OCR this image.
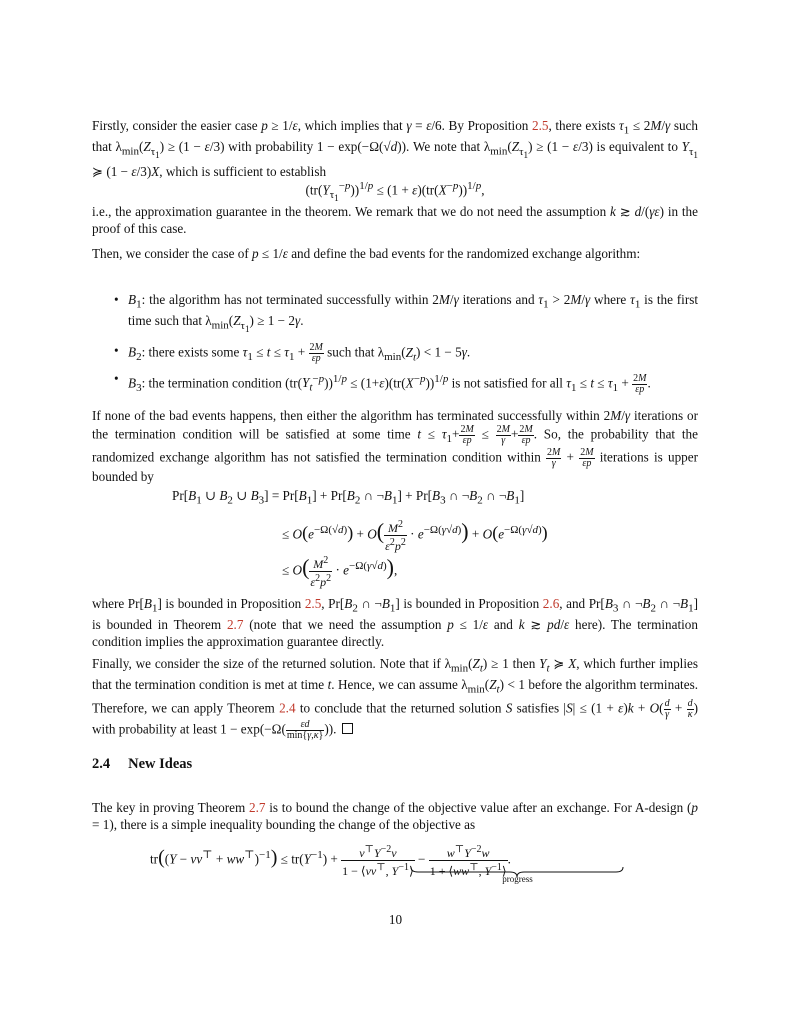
Firstly, consider the easier case p ≥ 1/ε, which implies that γ = ε/6. By Proposition 2.5, there exists $\tau_1 \le 2M/\gamma$ such that $\lambda_{min}(Z_{\tau_1}) \ge (1 - \varepsilon/3)$ with probability 1 − exp(−Ω(√d)). We note that $\lambda_{min}(Z_{\tau_1}) \ge (1 - \varepsilon/3)$ is equivalent to $Y_{\tau_1}$ ≽ (1 − ε/3)X, which is sufficient to establish
$(tr(Y_{\tau_1}^{-p}))^{1/p} \le (1 + \varepsilon)(tr(X^{-p}))^{1/p}$,
i.e., the approximation guarantee in the theorem. We remark that we do not need the assumption k ≳ d/(γε) in the proof of this case.
Then, we consider the case of p ≤ 1/ε and define the bad events for the randomized exchange algorithm:
• $B_1$: the algorithm has not terminated successfully within 2M/γ iterations and $\tau_1 > 2M/\gamma$ where $\tau_1$ is the first time such that $\lambda_{min}(Z_{\tau_1}) \ge 1 - 2\gamma$.
• $B_2$: there exists some $\tau_1 \le t \le \tau_1 + \frac{2M}{\varepsilon p}$ such that $\lambda_{min}(Z_t) < 1 - 5\gamma$.
• $B_3$: the termination condition $(tr(Y_t^{-p}))^{1/p} \le (1+\varepsilon)(tr(X^{-p}))^{1/p}$ is not satisfied for all $\tau_1 \le t \le \tau_1 + \frac{2M}{\varepsilon p}$ .
If none of the bad events happens, then either the algorithm has terminated successfully within 2M/γ iterations or the termination condition will be satisfied at some time $t \le \tau_1+ \frac{2M}{\varepsilon p} \le \frac{2M}{\gamma} + \frac{2M}{\varepsilon p}$ . So, the probability that the randomized exchange algorithm has not satisfied the termination condition within $\frac{2M}{\gamma} + \frac{2M}{\varepsilon p}$ iterations is upper bounded by
$Pr[B_1$ ∪ $B_2$ ∪ $B_3] = Pr[B_1] + Pr[B_2$ ∩ $\neg B_1] + Pr[B_3$ ∩ $\neg B_2$ ∩ $\neg B_1$]
≤ $O(e^{-\Omega(√d)}) + O( \frac{M^2}{\varepsilon^2p^2} \cdot e^{-\Omega(\gamma√d)}) + O(e^{-\Omega(\gamma√d)})$
≤ $O( \frac{M^2}{\varepsilon^2p^2} \cdot e^{-\Omega(\gamma√d)})$,
where $Pr[B_1]$ is bounded in Proposition 2.5, $Pr[B_2$ ∩ $\neg B_1$] is bounded in Proposition 2.6, and $Pr[B_3$ ∩ $\neg B_2$ ∩ $\neg B_1$] is bounded in Theorem 2.7 (note that we need the assumption p ≤ 1/ε and k ≳ pd/ε here). The termination condition implies the approximation guarantee directly.
Finally, we consider the size of the returned solution. Note that if $\lambda_{min}(Z_t) \ge 1$ then $Y_t$ ≽ X, which further implies that the termination condition is met at time t. Hence, we can assume $\lambda_{min}(Z_t) < 1$ before the algorithm terminates. Therefore, we can apply Theorem 2.4 to conclude that the returned solution S satisfies $|S| \le (1 + \varepsilon)k + O( \frac{d}{\gamma} + \frac{d}{\kappa}$ ) with probability at least $1 - \exp(-\Omega( \frac{\varepsilon d}{\min\{\gamma,\kappa\}}$ )).
2.4 New Ideas
The key in proving Theorem 2.7 is to bound the change of the objective value after an exchange. For A-design (p = 1), there is a simple inequality bounding the change of the objective as
$tr((Y - vv^⊤ + ww^⊤)^{-1}) \le tr(Y^{-1}) + \frac{v^⊤Y^{-2}v}{1 - ⟨vv^⊤, Y^{-1}⟩} - \frac{w^⊤Y^{-2}w}{1 + ⟨ww^⊤, Y^{-1}⟩}$ .
progress
10
